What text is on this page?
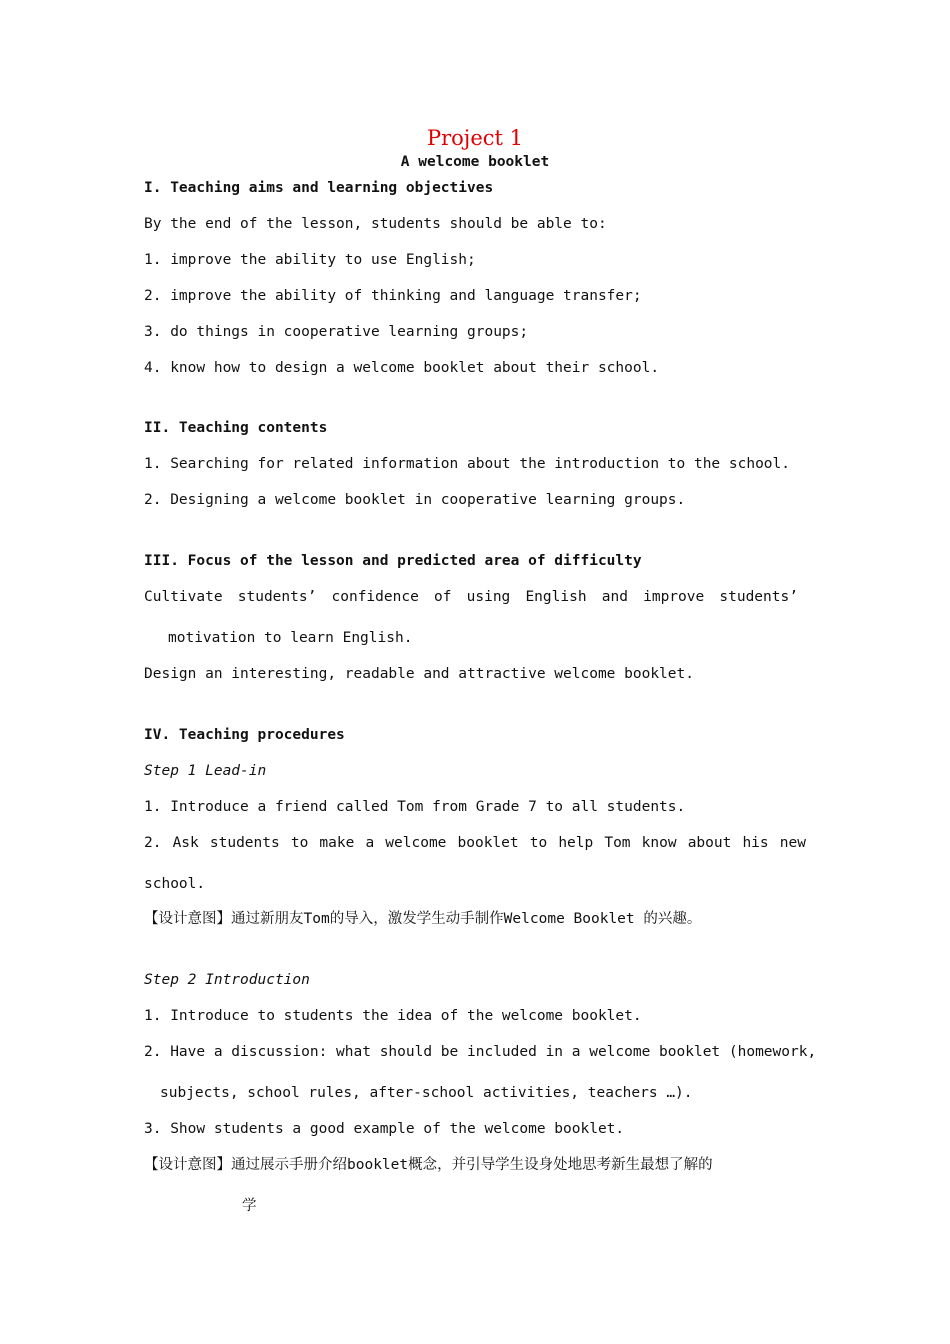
Project 1
A welcome booklet
I. Teaching aims and learning objectives
By the end of the lesson, students should be able to:
1. improve the ability to use English;
2. improve the ability of thinking and language transfer;
3. do things in cooperative learning groups;
4. know how to design a welcome booklet about their school.
II. Teaching contents
1. Searching for related information about the introduction to the school.
2. Designing a welcome booklet in cooperative learning groups.
III. Focus of the lesson and predicted area of difficulty
Cultivate students’ confidence of using English and improve students’
motivation to learn English.
Design an interesting, readable and attractive welcome booklet.
IV. Teaching procedures
Step 1 Lead-in
1. Introduce a friend called Tom from Grade 7 to all students.
2. Ask students to make a welcome booklet to help Tom know about his new
school.
【设计意图】通过新朋友Tom的导入，激发学生动手制作Welcome Booklet 的兴趣。
Step 2 Introduction
1. Introduce to students the idea of the welcome booklet.
2. Have a discussion: what should be included in a welcome booklet (homework,
subjects, school rules, after-school activities, teachers …).
3. Show students a good example of the welcome booklet.
【设计意图】通过展示手册介绍booklet概念，并引导学生设身处地思考新生最想了解的
学
